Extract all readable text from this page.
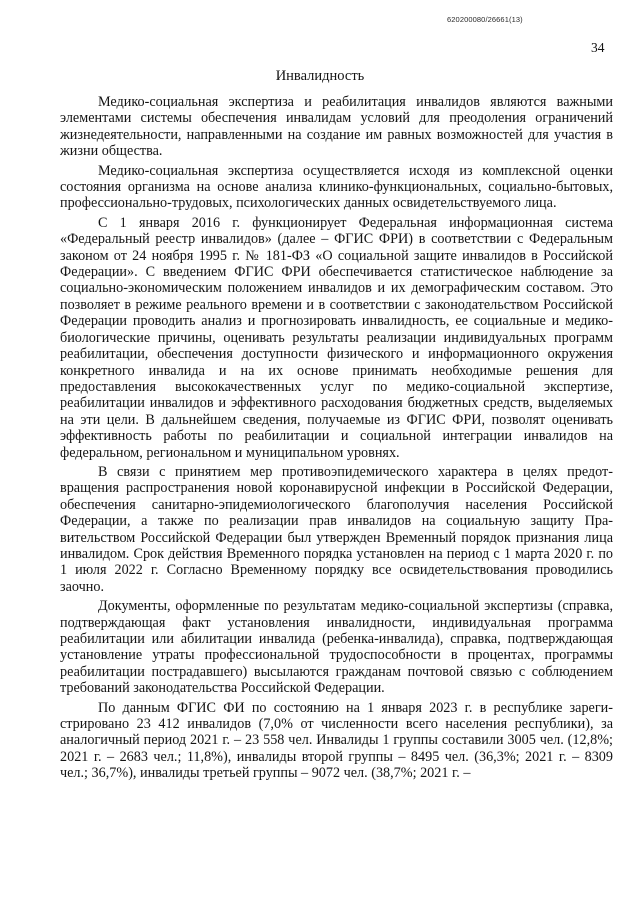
620200080/26661(13)
34
Инвалидность

Медико-социальная экспертиза и реабилитация инвалидов являются важными элементами системы обеспечения инвалидам условий для преодоления ограничений жизнедеятельности, направленными на создание им равных возможностей для участия в жизни общества.

Медико-социальная экспертиза осуществляется исходя из комплексной оценки состояния организма на основе анализа клинико-функциональных, социально-бытовых, профессионально-трудовых, психологических данных освидетельствуемого лица.

С 1 января 2016 г. функционирует Федеральная информационная система «Федеральный реестр инвалидов» (далее – ФГИС ФРИ) в соответствии с Федеральным законом от 24 ноября 1995 г. № 181-ФЗ «О социальной защите инвалидов в Российской Федерации». С введением ФГИС ФРИ обеспечивается статистическое наблюдение за социально-экономическим положением инвалидов и их демографическим составом. Это позволяет в режиме реального времени и в соответствии с законодательством Российской Федерации проводить анализ и прогнозировать инвалидность, ее социальные и медико-биологические причины, оценивать результаты реализации индивидуальных программ реабилитации, обеспечения доступности физического и информационного окружения конкретного инвалида и на их основе принимать необходимые решения для предоставления высококачественных услуг по медико-социальной экспертизе, реабилитации инвалидов и эффективного расходования бюджетных средств, выделяемых на эти цели. В дальнейшем сведения, получаемые из ФГИС ФРИ, позволят оценивать эффективность работы по реабилитации и социальной интеграции инвалидов на федеральном, региональном и муниципальном уровнях.

В связи с принятием мер противоэпидемического характера в целях предотвращения распространения новой коронавирусной инфекции в Российской Федерации, обеспечения санитарно-эпидемиологического благополучия населения Российской Федерации, а также по реализации прав инвалидов на социальную защиту Правительством Российской Федерации был утвержден Временный порядок признания лица инвалидом. Срок действия Временного порядка установлен на период с 1 марта 2020 г. по 1 июля 2022 г. Согласно Временному порядку все освидетельствования проводились заочно.

Документы, оформленные по результатам медико-социальной экспертизы (справка, подтверждающая факт установления инвалидности, индивидуальная программа реабилитации или абилитации инвалида (ребенка-инвалида), справка, подтверждающая установление утраты профессиональной трудоспособности в процентах, программы реабилитации пострадавшего) высылаются гражданам почтовой связью с соблюдением требований законодательства Российской Федерации.

По данным ФГИС ФИ по состоянию на 1 января 2023 г. в республике зарегистрировано 23 412 инвалидов (7,0% от численности всего населения республики), за аналогичный период 2021 г. – 23 558 чел. Инвалиды 1 группы составили 3005 чел. (12,8%; 2021 г. – 2683 чел.; 11,8%), инвалиды второй группы – 8495 чел. (36,3%; 2021 г. – 8309 чел.; 36,7%), инвалиды третьей группы – 9072 чел. (38,7%; 2021 г. –
